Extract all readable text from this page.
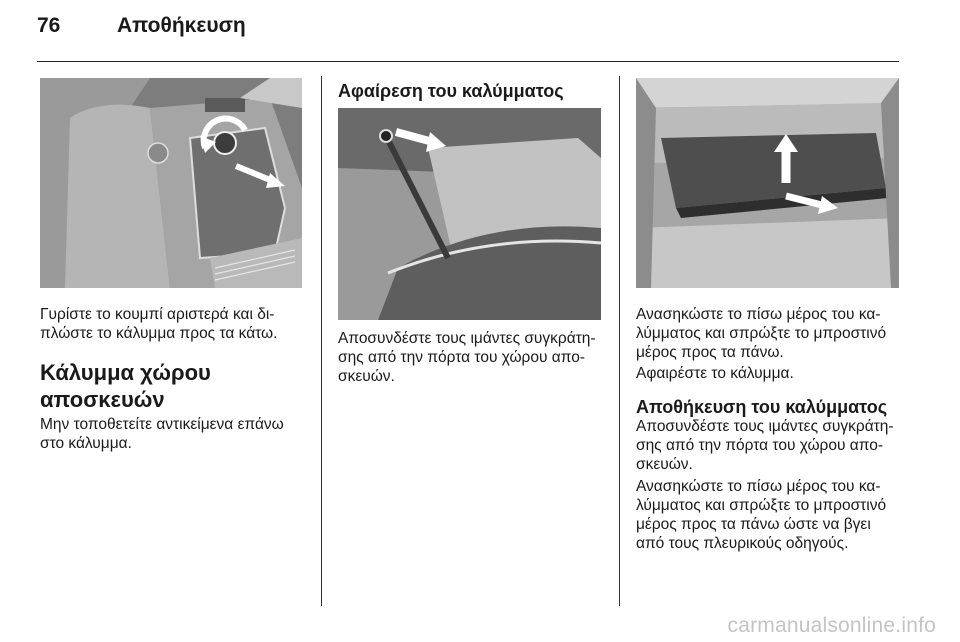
76	Αποθήκευση
Γυρίστε το κουμπί αριστερά και δι-
πλώστε το κάλυμμα προς τα κάτω.
Κάλυμμα χώρου
αποσκευών
Μην τοποθετείτε αντικείμενα επάνω
στο κάλυμμα.
Αφαίρεση του καλύμματος
Αποσυνδέστε τους ιμάντες συγκράτη-
σης από την πόρτα του χώρου απο-
σκευών.
Ανασηκώστε το πίσω μέρος του κα-
λύμματος και σπρώξτε το μπροστινό
μέρος προς τα πάνω.
Αφαιρέστε το κάλυμμα.
Αποθήκευση του καλύμματος
Αποσυνδέστε τους ιμάντες συγκράτη-
σης από την πόρτα του χώρου απο-
σκευών.
Ανασηκώστε το πίσω μέρος του κα-
λύμματος και σπρώξτε το μπροστινό
μέρος προς τα πάνω ώστε να βγει
από τους πλευρικούς οδηγούς.
carmanualsonline.info
